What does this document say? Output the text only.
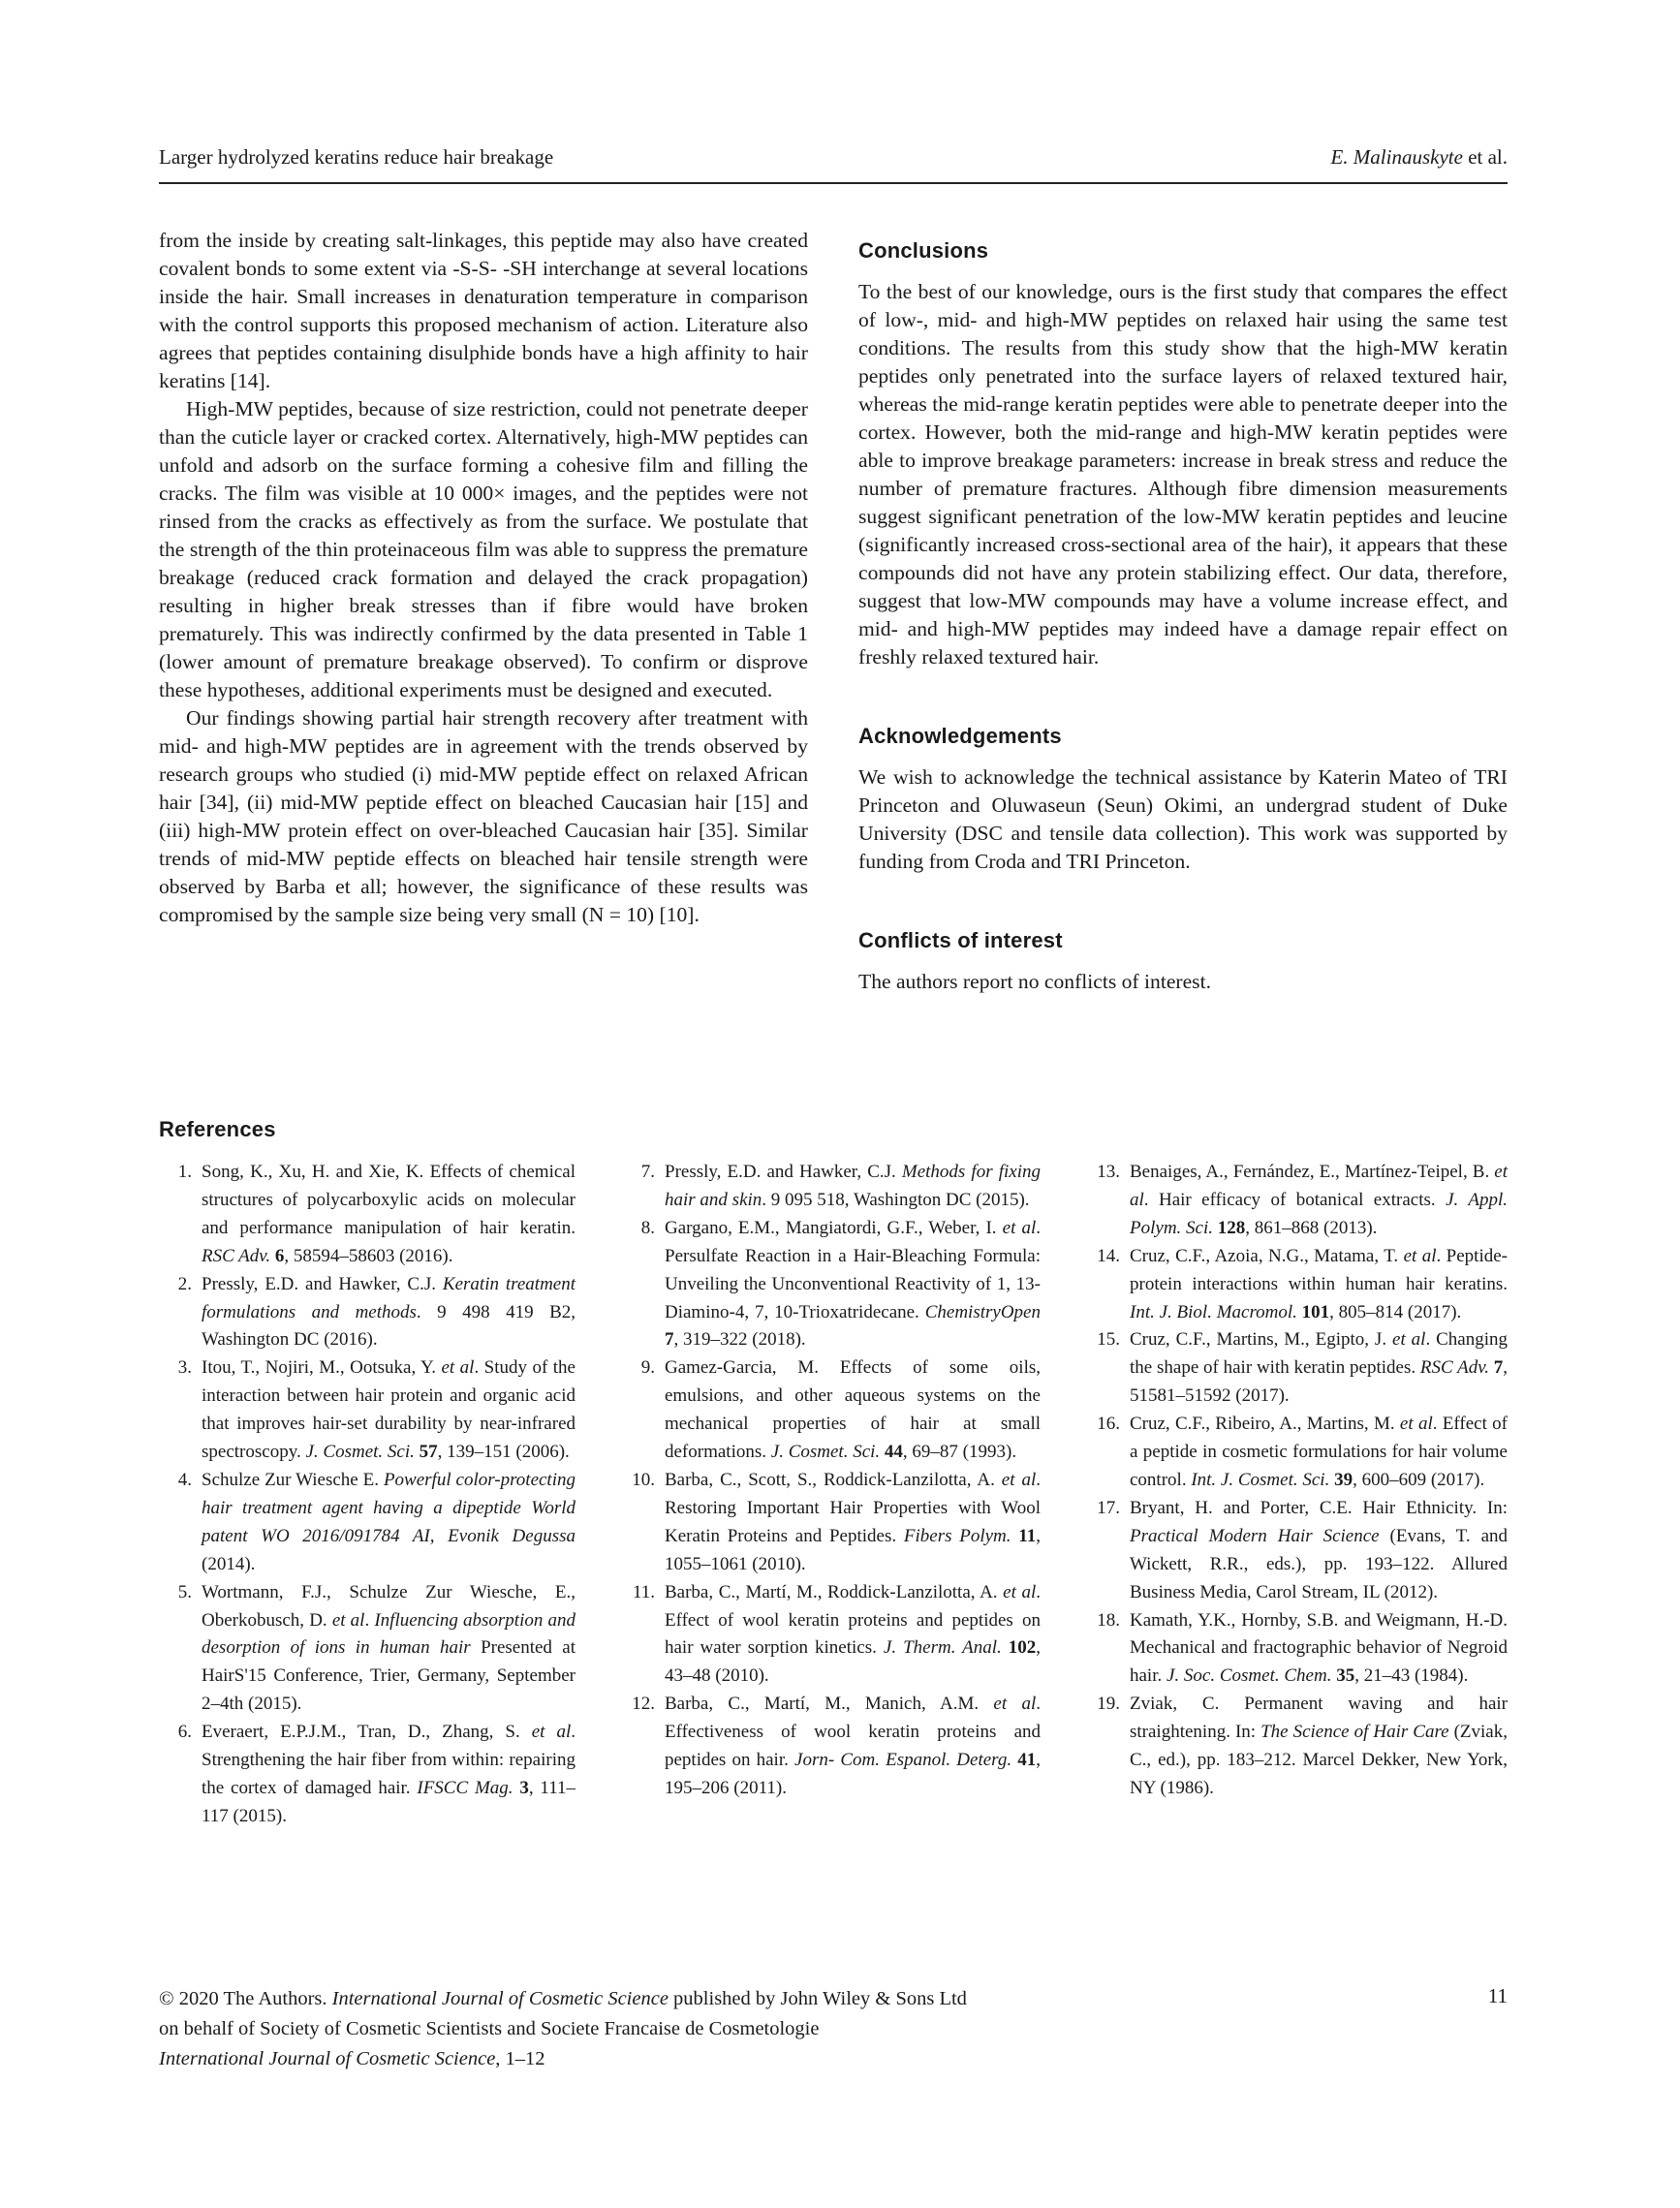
Larger hydrolyzed keratins reduce hair breakage	E. Malinauskyte et al.

from the inside by creating salt-linkages, this peptide may also have created covalent bonds to some extent via -S-S- -SH interchange at several locations inside the hair. Small increases in denaturation temperature in comparison with the control supports this proposed mechanism of action. Literature also agrees that peptides containing disulphide bonds have a high affinity to hair keratins [14].

High-MW peptides, because of size restriction, could not penetrate deeper than the cuticle layer or cracked cortex. Alternatively, high-MW peptides can unfold and adsorb on the surface forming a cohesive film and filling the cracks. The film was visible at 10 000× images, and the peptides were not rinsed from the cracks as effectively as from the surface. We postulate that the strength of the thin proteinaceous film was able to suppress the premature breakage (reduced crack formation and delayed the crack propagation) resulting in higher break stresses than if fibre would have broken prematurely. This was indirectly confirmed by the data presented in Table 1 (lower amount of premature breakage observed). To confirm or disprove these hypotheses, additional experiments must be designed and executed.

Our findings showing partial hair strength recovery after treatment with mid- and high-MW peptides are in agreement with the trends observed by research groups who studied (i) mid-MW peptide effect on relaxed African hair [34], (ii) mid-MW peptide effect on bleached Caucasian hair [15] and (iii) high-MW protein effect on over-bleached Caucasian hair [35]. Similar trends of mid-MW peptide effects on bleached hair tensile strength were observed by Barba et all; however, the significance of these results was compromised by the sample size being very small (N = 10) [10].

Conclusions

To the best of our knowledge, ours is the first study that compares the effect of low-, mid- and high-MW peptides on relaxed hair using the same test conditions. The results from this study show that the high-MW keratin peptides only penetrated into the surface layers of relaxed textured hair, whereas the mid-range keratin peptides were able to penetrate deeper into the cortex. However, both the mid-range and high-MW keratin peptides were able to improve breakage parameters: increase in break stress and reduce the number of premature fractures. Although fibre dimension measurements suggest significant penetration of the low-MW keratin peptides and leucine (significantly increased cross-sectional area of the hair), it appears that these compounds did not have any protein stabilizing effect. Our data, therefore, suggest that low-MW compounds may have a volume increase effect, and mid- and high-MW peptides may indeed have a damage repair effect on freshly relaxed textured hair.

Acknowledgements

We wish to acknowledge the technical assistance by Katerin Mateo of TRI Princeton and Oluwaseun (Seun) Okimi, an undergrad student of Duke University (DSC and tensile data collection). This work was supported by funding from Croda and TRI Princeton.

Conflicts of interest

The authors report no conflicts of interest.

References
1. Song, K., Xu, H. and Xie, K. Effects of chemical structures of polycarboxylic acids on molecular and performance manipulation of hair keratin. RSC Adv. 6, 58594–58603 (2016).
2. Pressly, E.D. and Hawker, C.J. Keratin treatment formulations and methods. 9 498 419 B2, Washington DC (2016).
3. Itou, T., Nojiri, M., Ootsuka, Y. et al. Study of the interaction between hair protein and organic acid that improves hair-set durability by near-infrared spectroscopy. J. Cosmet. Sci. 57, 139–151 (2006).
4. Schulze Zur Wiesche E. Powerful color-protecting hair treatment agent having a dipeptide World patent WO 2016/091784 AI, Evonik Degussa (2014).
5. Wortmann, F.J., Schulze Zur Wiesche, E., Oberkobusch, D. et al. Influencing absorption and desorption of ions in human hair Presented at HairS'15 Conference, Trier, Germany, September 2–4th (2015).
6. Everaert, E.P.J.M., Tran, D., Zhang, S. et al. Strengthening the hair fiber from within: repairing the cortex of damaged hair. IFSCC Mag. 3, 111–117 (2015).
7. Pressly, E.D. and Hawker, C.J. Methods for fixing hair and skin. 9 095 518, Washington DC (2015).
8. Gargano, E.M., Mangiatordi, G.F., Weber, I. et al. Persulfate Reaction in a Hair-Bleaching Formula: Unveiling the Unconventional Reactivity of 1, 13-Diamino-4, 7, 10-Trioxatridecane. ChemistryOpen 7, 319–322 (2018).
9. Gamez-Garcia, M. Effects of some oils, emulsions, and other aqueous systems on the mechanical properties of hair at small deformations. J. Cosmet. Sci. 44, 69–87 (1993).
10. Barba, C., Scott, S., Roddick-Lanzilotta, A. et al. Restoring Important Hair Properties with Wool Keratin Proteins and Peptides. Fibers Polym. 11, 1055–1061 (2010).
11. Barba, C., Martí, M., Roddick-Lanzilotta, A. et al. Effect of wool keratin proteins and peptides on hair water sorption kinetics. J. Therm. Anal. 102, 43–48 (2010).
12. Barba, C., Martí, M., Manich, A.M. et al. Effectiveness of wool keratin proteins and peptides on hair. Jorn- Com. Espanol. Deterg. 41, 195–206 (2011).
13. Benaiges, A., Fernández, E., Martínez-Teipel, B. et al. Hair efficacy of botanical extracts. J. Appl. Polym. Sci. 128, 861–868 (2013).
14. Cruz, C.F., Azoia, N.G., Matama, T. et al. Peptide-protein interactions within human hair keratins. Int. J. Biol. Macromol. 101, 805–814 (2017).
15. Cruz, C.F., Martins, M., Egipto, J. et al. Changing the shape of hair with keratin peptides. RSC Adv. 7, 51581–51592 (2017).
16. Cruz, C.F., Ribeiro, A., Martins, M. et al. Effect of a peptide in cosmetic formulations for hair volume control. Int. J. Cosmet. Sci. 39, 600–609 (2017).
17. Bryant, H. and Porter, C.E. Hair Ethnicity. In: Practical Modern Hair Science (Evans, T. and Wickett, R.R., eds.), pp. 193–122. Allured Business Media, Carol Stream, IL (2012).
18. Kamath, Y.K., Hornby, S.B. and Weigmann, H.-D. Mechanical and fractographic behavior of Negroid hair. J. Soc. Cosmet. Chem. 35, 21–43 (1984).
19. Zviak, C. Permanent waving and hair straightening. In: The Science of Hair Care (Zviak, C., ed.), pp. 183–212. Marcel Dekker, New York, NY (1986).
© 2020 The Authors. International Journal of Cosmetic Science published by John Wiley & Sons Ltd
on behalf of Society of Cosmetic Scientists and Societe Francaise de Cosmetologie
International Journal of Cosmetic Science, 1–12
11
